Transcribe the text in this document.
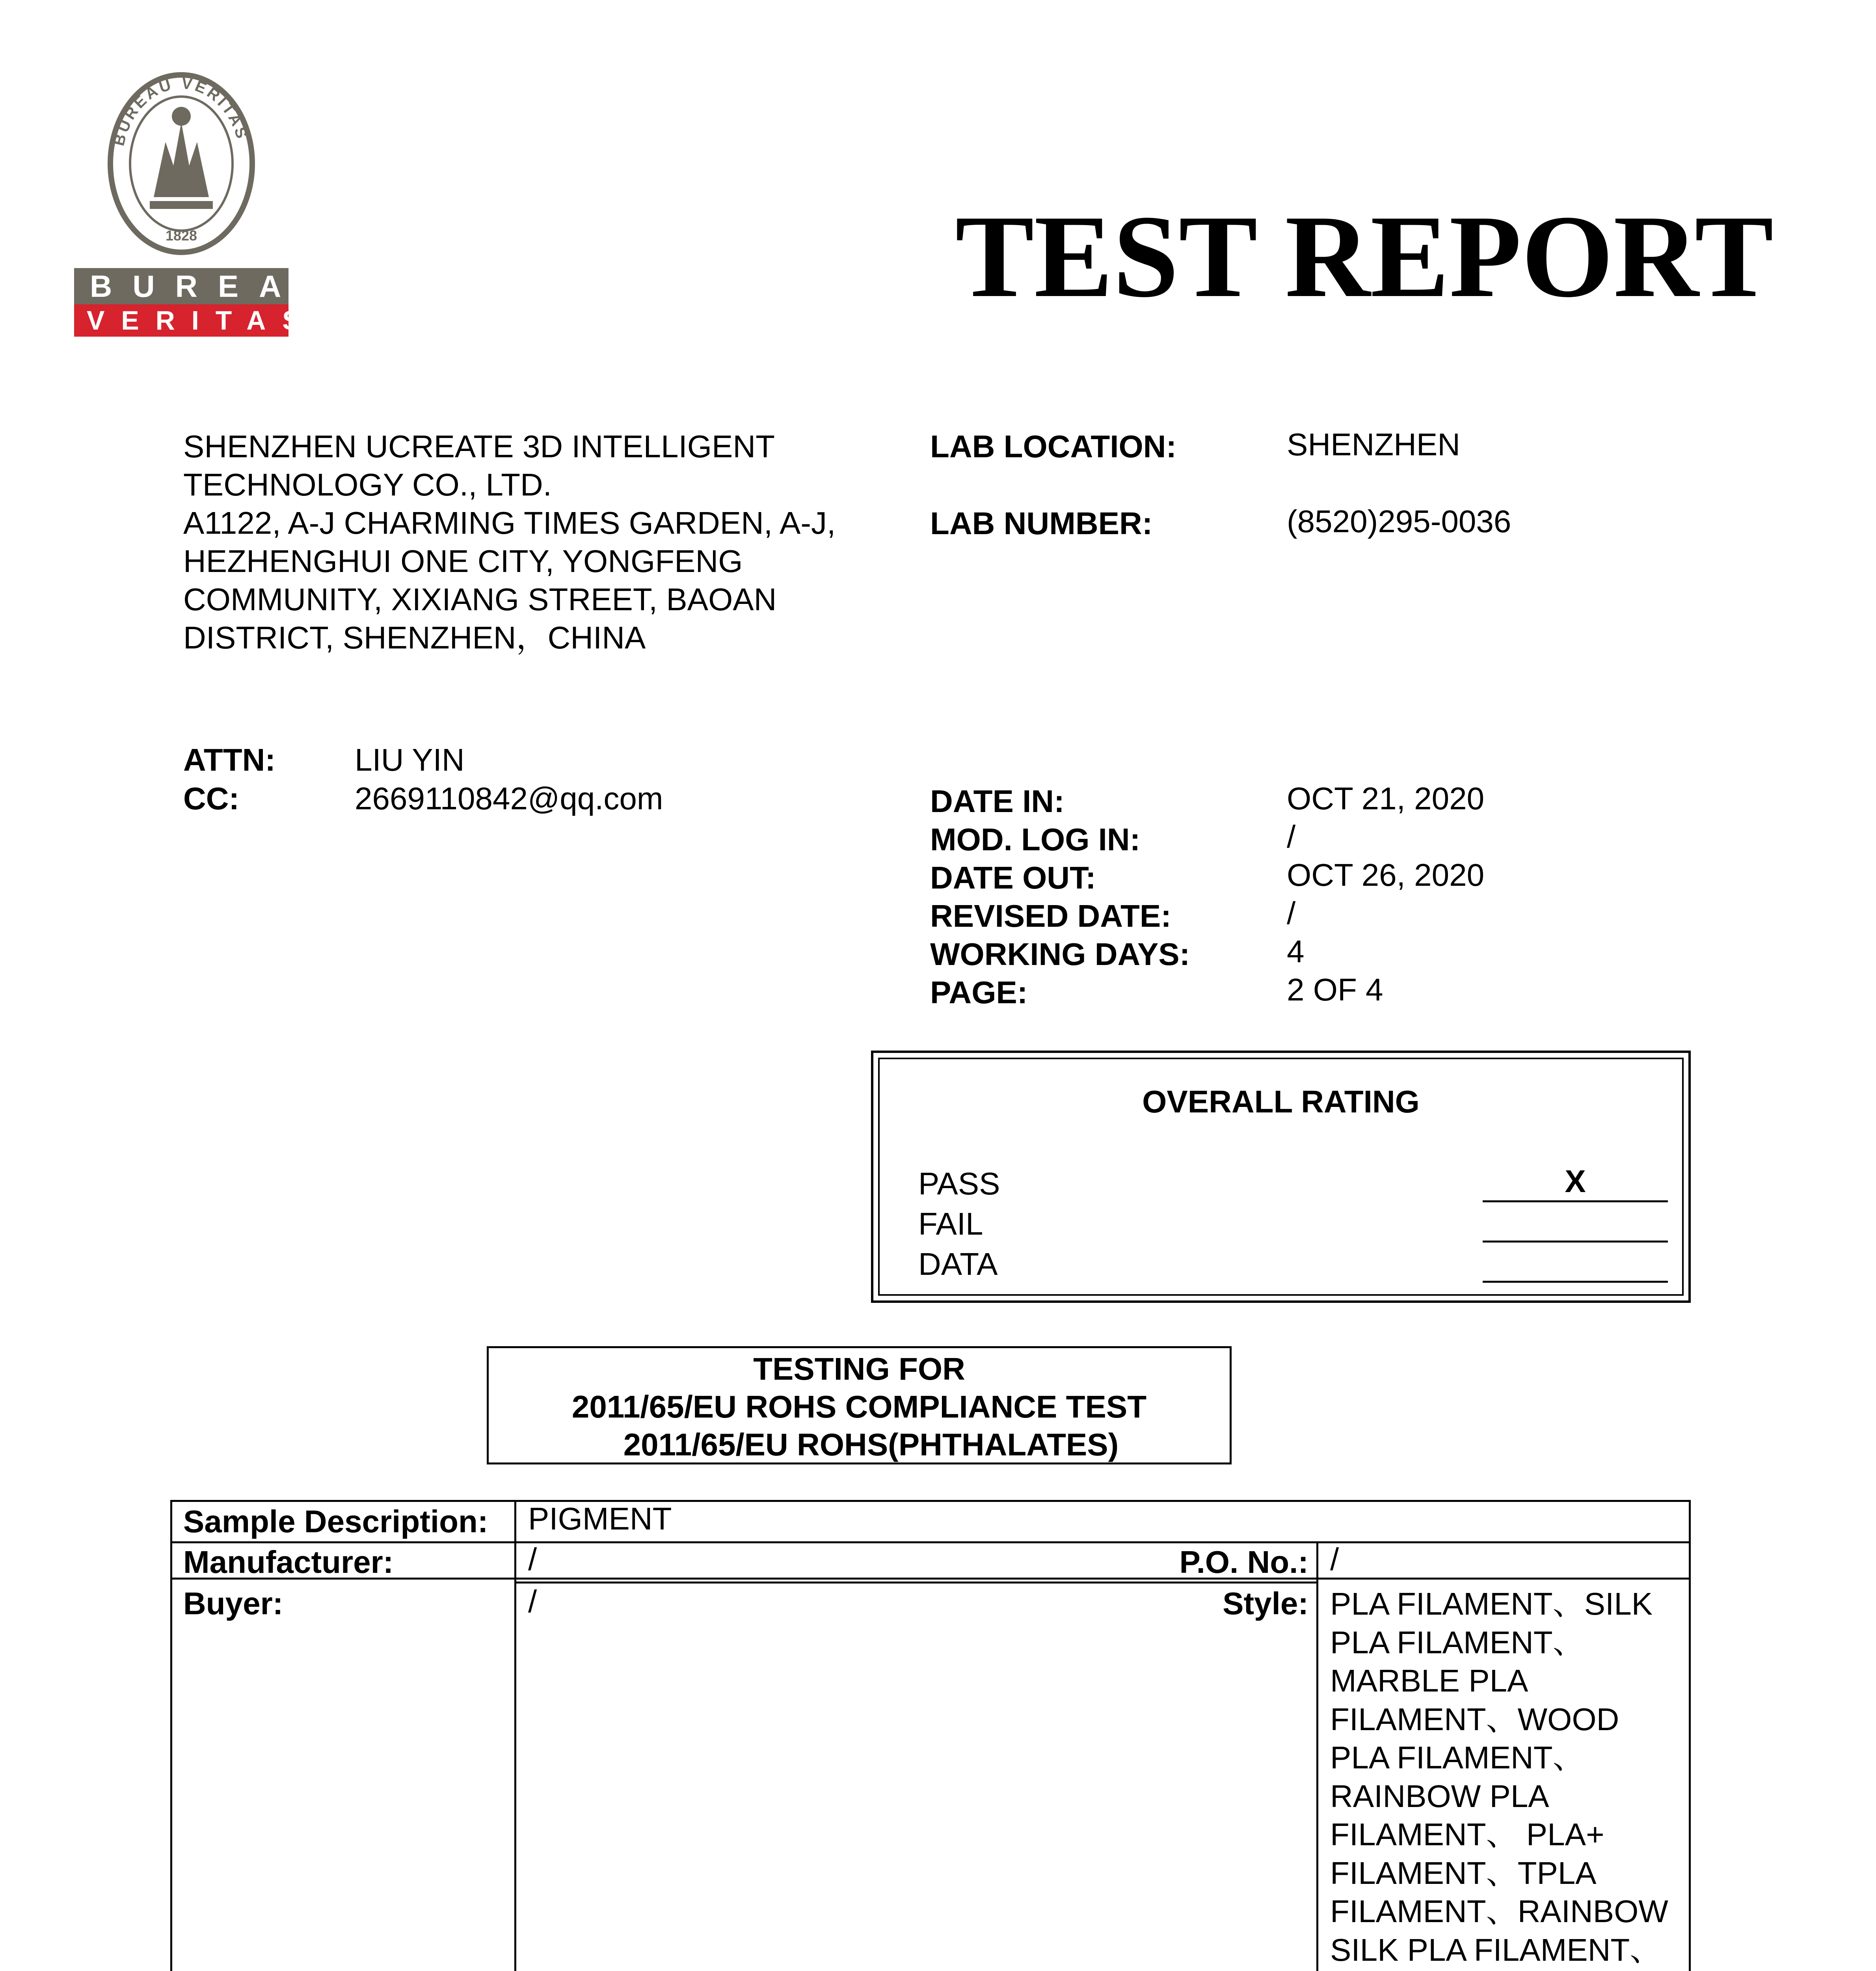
BUREAU VERITAS
1828
BUREAU
VERITAS	TEST REPORT
SHENZHEN UCREATE 3D INTELLIGENT
TECHNOLOGY CO., LTD.
A1122, A-J CHARMING TIMES GARDEN, A-J,
HEZHENGHUI ONE CITY, YONGFENG
COMMUNITY, XIXIANG STREET, BAOAN
DISTRICT, SHENZHEN，CHINA
LAB LOCATION:	SHENZHEN
LAB NUMBER:	(8520)295-0036
ATTN:	LIU YIN
CC:	2669110842@qq.com	DATE IN:	OCT 21, 2020
MOD. LOG IN:	/
DATE OUT:	OCT 26, 2020
REVISED DATE:	/
WORKING DAYS:	4
PAGE:	2 OF 4
OVERALL RATING
PASS	X
FAIL
DATA
TESTING FOR
2011/65/EU ROHS COMPLIANCE TEST
2011/65/EU ROHS(PHTHALATES)
Sample Description: PIGMENT
Manufacturer:	/	P.O. No.: /
Buyer:	/	Style: PLA FILAMENT、SILK
PLA FILAMENT、
MARBLE PLA
FILAMENT、WOOD
PLA FILAMENT、
RAINBOW PLA
FILAMENT、 PLA+
FILAMENT、TPLA
FILAMENT、RAINBOW
SILK PLA FILAMENT、
